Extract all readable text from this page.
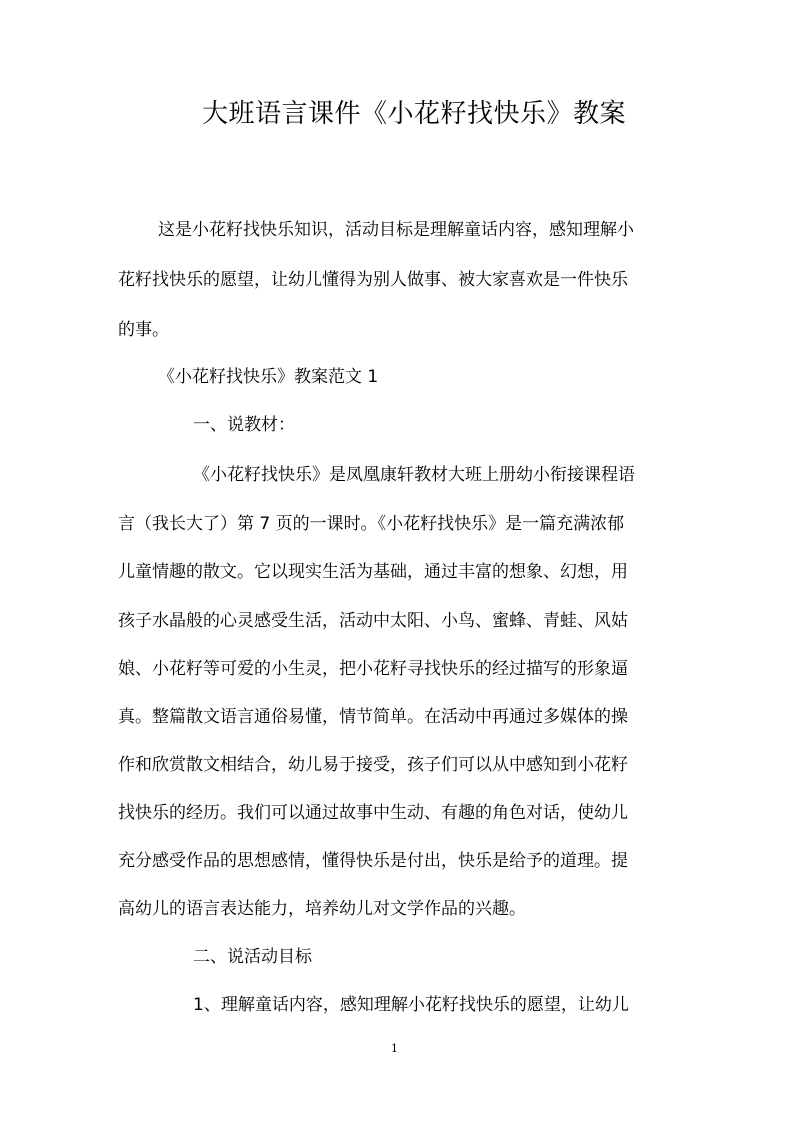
大班语言课件《小花籽找快乐》教案
这是小花籽找快乐知识，活动目标是理解童话内容，感知理解小
花籽找快乐的愿望，让幼儿懂得为别人做事、被大家喜欢是一件快乐
的事。
《小花籽找快乐》教案范文 1
一、说教材：
《小花籽找快乐》是凤凰康轩教材大班上册幼小衔接课程语
言（我长大了）第 7 页的一课时。《小花籽找快乐》是一篇充满浓郁
儿童情趣的散文。它以现实生活为基础，通过丰富的想象、幻想，用
孩子水晶般的心灵感受生活，活动中太阳、小鸟、蜜蜂、青蛙、风姑
娘、小花籽等可爱的小生灵，把小花籽寻找快乐的经过描写的形象逼
真。整篇散文语言通俗易懂，情节简单。在活动中再通过多媒体的操
作和欣赏散文相结合，幼儿易于接受，孩子们可以从中感知到小花籽
找快乐的经历。我们可以通过故事中生动、有趣的角色对话，使幼儿
充分感受作品的思想感情，懂得快乐是付出，快乐是给予的道理。提
高幼儿的语言表达能力，培养幼儿对文学作品的兴趣。
二、说活动目标
1、理解童话内容，感知理解小花籽找快乐的愿望，让幼儿
1
